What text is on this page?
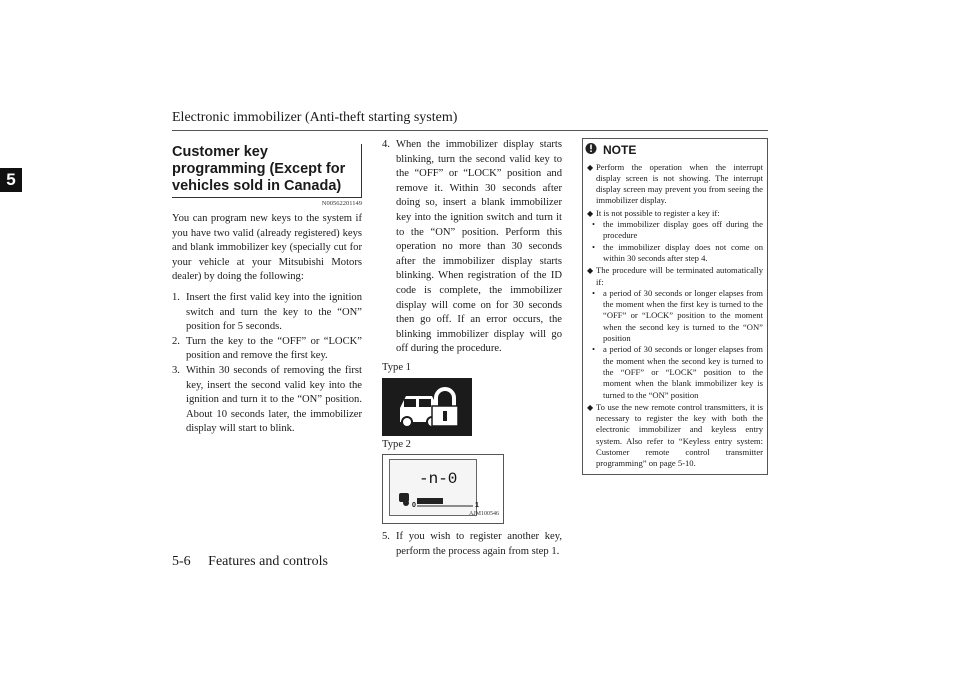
Electronic immobilizer (Anti-theft starting system)
5
Customer key programming (Except for vehicles sold in Canada)
N00562201149

You can program new keys to the system if you have two valid (already registered) keys and blank immobilizer key (specially cut for your vehicle at your Mitsubishi Motors dealer) by doing the following:

1. Insert the first valid key into the ignition switch and turn the key to the “ON” position for 5 seconds.
2. Turn the key to the “OFF” or “LOCK” position and remove the first key.
3. Within 30 seconds of removing the first key, insert the second valid key into the ignition and turn it to the “ON” position. About 10 seconds later, the immobilizer display will start to blink.
4. When the immobilizer display starts blinking, turn the second valid key to the “OFF” or “LOCK” position and remove it. Within 30 seconds after doing so, insert a blank immobilizer key into the ignition switch and turn it to the “ON” position. Perform this operation no more than 30 seconds after the immobilizer display starts blinking. When registration of the ID code is complete, the immobilizer display will come on for 30 seconds then go off. If an error occurs, the blinking immobilizer display will go off during the procedure.
Type 1
Type 2
-n-0
0	1
AJM100546
5. If you wish to register another key, perform the process again from step 1.
NOTE
◆ Perform the operation when the interrupt display screen is not showing. The interrupt display screen may prevent you from seeing the immobilizer display.
◆ It is not possible to register a key if:
• the immobilizer display goes off during the procedure
• the immobilizer display does not come on within 30 seconds after step 4.
◆ The procedure will be terminated automatically if:
• a period of 30 seconds or longer elapses from the moment when the first key is turned to the “OFF” or “LOCK” position to the moment when the second key is turned to the “ON” position
• a period of 30 seconds or longer elapses from the moment when the second key is turned to the “OFF” or “LOCK” position to the moment when the blank immobilizer key is turned to the “ON” position
◆ To use the new remote control transmitters, it is necessary to register the key with both the electronic immobilizer and keyless entry system. Also refer to “Keyless entry system: Customer remote control transmitter programming” on page 5-10.
5-6 Features and controls
